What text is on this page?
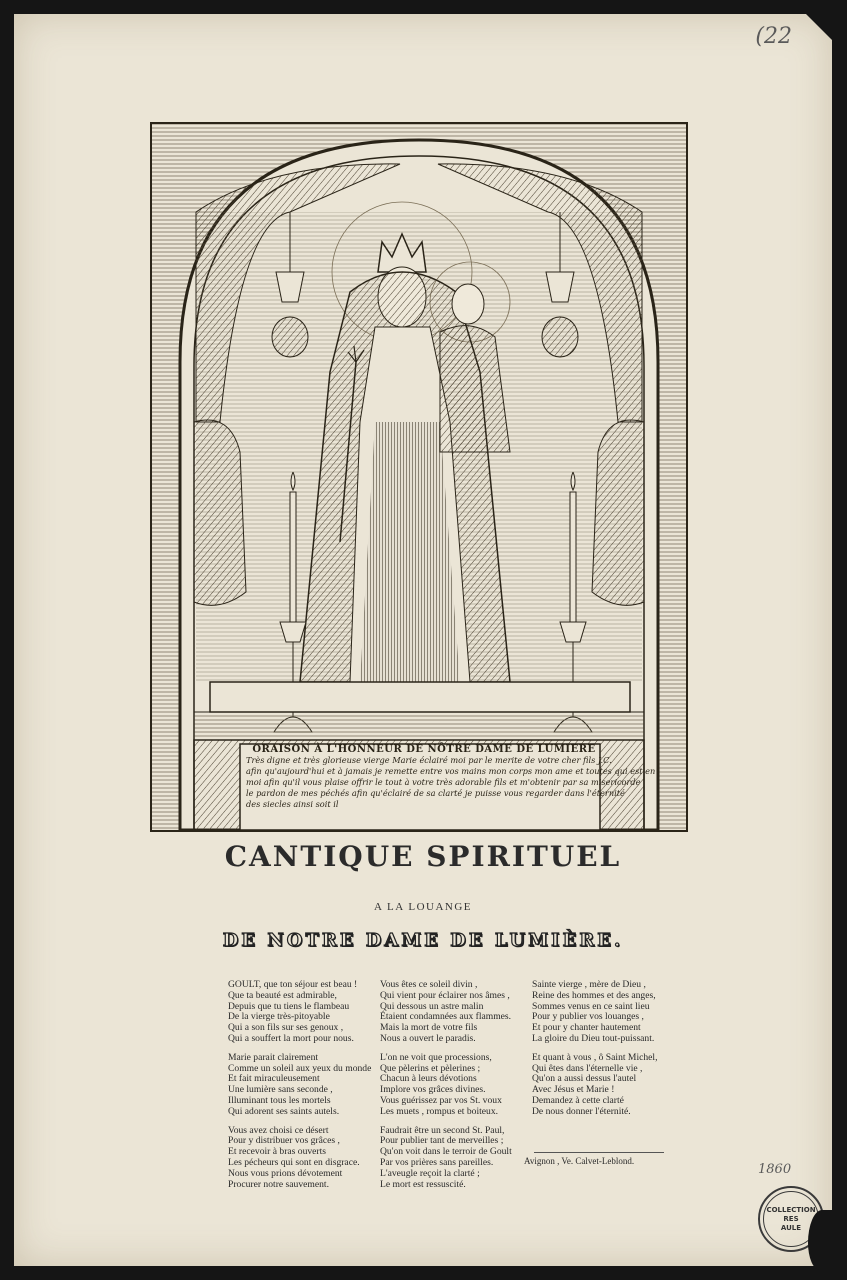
(22
1860
ORAISON À L'HONNEUR DE NÔTRE DAME DE LUMIERE
Très digne et très glorieuse vierge Marie éclairé moi par le merite de votre cher fils J.C.
afin qu'aujourd'hui et à jamais je remette entre vos mains mon corps mon ame et toutes qui est en
moi afin qu'il vous plaise offrir le tout à votre très adorable fils et m'obtenir par sa misericorde
le pardon de mes péchés afin qu'éclairé de sa clarté je puisse vous regarder dans l'éternité
des siecles ainsi soit il
CANTIQUE SPIRITUEL
A LA LOUANGE
DE NOTRE DAME DE LUMIÈRE.
GOULT, que ton séjour est beau !
Que ta beauté est admirable,
Depuis que tu tiens le flambeau
De la vierge très-pitoyable
Qui a son fils sur ses genoux ,
Qui a souffert la mort pour nous.
Marie parait clairement
Comme un soleil aux yeux du monde
Et fait miraculeusement
Une lumière sans seconde ,
Illuminant tous les mortels
Qui adorent ses saints autels.
Vous avez choisi ce désert
Pour y distribuer vos grâces ,
Et recevoir à bras ouverts
Les pécheurs qui sont en disgrace.
Nous vous prions dévotement
Procurer notre sauvement.
Vous êtes ce soleil divin ,
Qui vient pour éclairer nos âmes ,
Qui dessous un astre malin
Étaient condamnées aux flammes.
Mais la mort de votre fils
Nous a ouvert le paradis.
L'on ne voit que processions,
Que pèlerins et pèlerines ;
Chacun à leurs dévotions
Implore vos grâces divines.
Vous guérissez par vos St. voux
Les muets , rompus et boiteux.
Faudrait être un second St. Paul,
Pour publier tant de merveilles ;
Qu'on voit dans le terroir de Goult
Par vos prières sans pareilles.
L'aveugle reçoit la clarté ;
Le mort est ressuscité.
Sainte vierge , mère de Dieu ,
Reine des hommes et des anges,
Sommes venus en ce saint lieu
Pour y publier vos louanges ,
Et pour y chanter hautement
La gloire du Dieu tout-puissant.
Et quant à vous , ô Saint Michel,
Qui êtes dans l'éternelle vie ,
Qu'on a aussi dessus l'autel
Avec Jésus et Marie !
Demandez à cette clarté
De nous donner l'éternité.
Avignon , Ve. Calvet-Leblond.
COLLECTION
RES
AULE
